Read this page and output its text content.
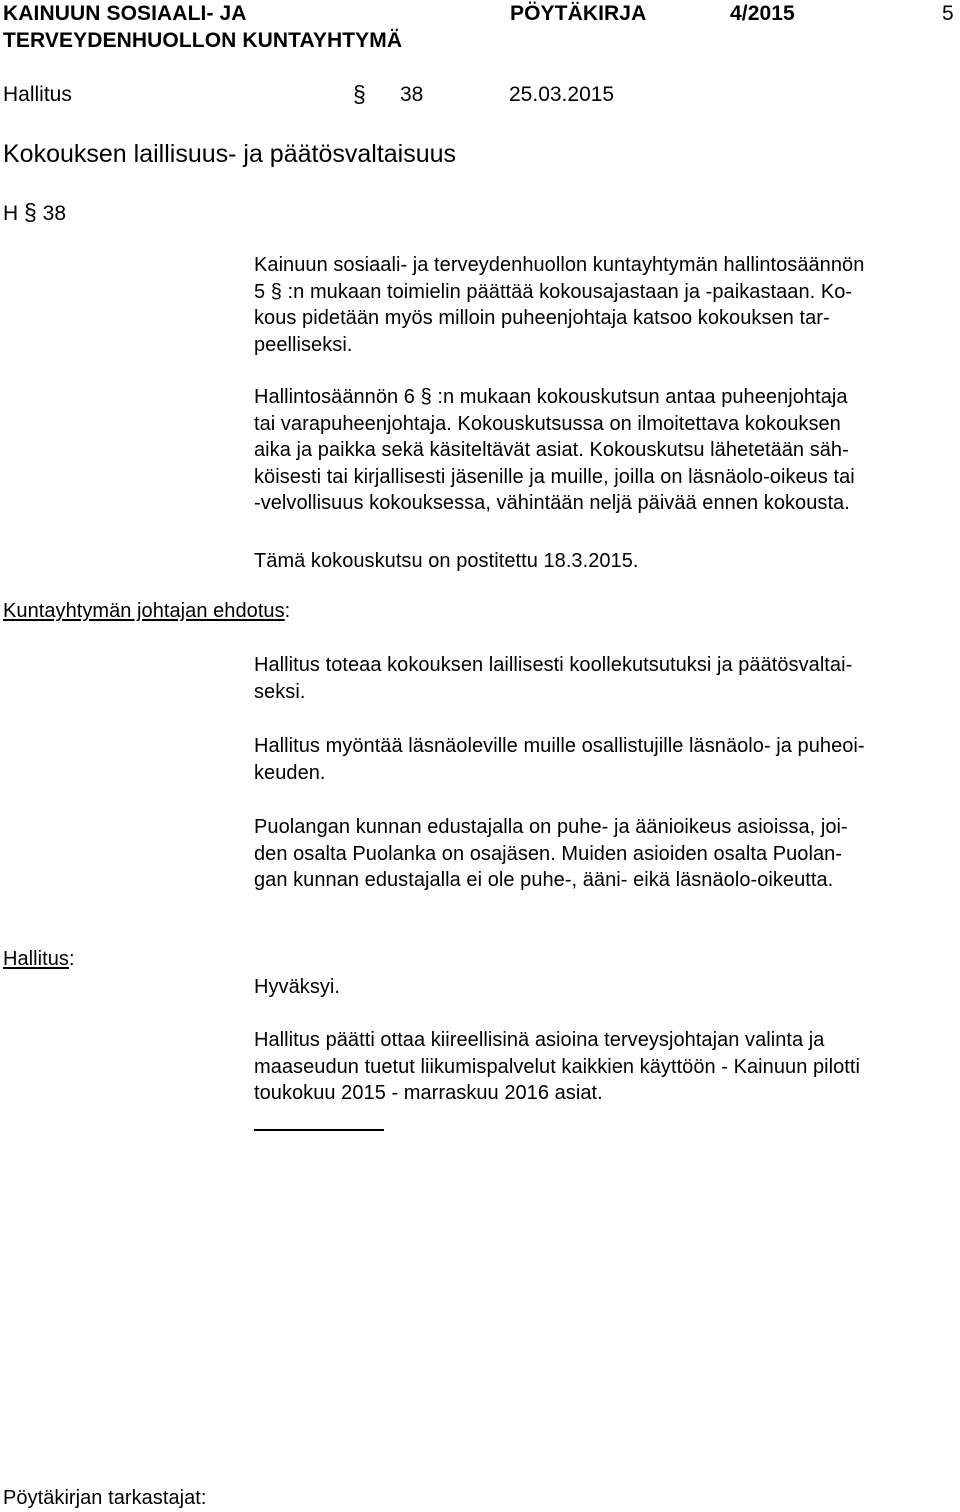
KAINUUN SOSIAALI- JA
TERVEYDENHUOLLON KUNTAYHTYMÄ
PÖYTÄKIRJA	4/2015	5
Hallitus	§ 38	25.03.2015
Kokouksen laillisuus- ja päätösvaltaisuus
H § 38
Kainuun sosiaali- ja terveydenhuollon kuntayhtymän hallintosäännön
5 § :n mukaan toimielin päättää kokousajastaan ja -paikastaan. Ko-
kous pidetään myös milloin puheenjohtaja katsoo kokouksen tar-
peelliseksi.
Hallintosäännön 6 § :n mukaan kokouskutsun antaa puheenjohtaja
tai varapuheenjohtaja. Kokouskutsussa on ilmoitettava kokouksen
aika ja paikka sekä käsiteltävät asiat. Kokouskutsu lähetetään säh-
köisesti tai kirjallisesti jäsenille ja muille, joilla on läsnäolo-oikeus tai
-velvollisuus kokouksessa, vähintään neljä päivää ennen kokousta.
Tämä kokouskutsu on postitettu 18.3.2015.
Kuntayhtymän johtajan ehdotus:
Hallitus toteaa kokouksen laillisesti koollekutsutuksi ja päätösvaltai-
seksi.
Hallitus myöntää läsnäoleville muille osallistujille läsnäolo- ja puheoi-
keuden.
Puolangan kunnan edustajalla on puhe- ja äänioikeus asioissa, joi-
den osalta Puolanka on osajäsen. Muiden asioiden osalta Puolan-
gan kunnan edustajalla ei ole puhe-, ääni- eikä läsnäolo-oikeutta.
Hallitus:
Hyväksyi.
Hallitus päätti ottaa kiireellisinä asioina terveysjohtajan valinta ja
maaseudun tuetut liikumispalvelut kaikkien käyttöön - Kainuun pilotti
toukokuu 2015 - marraskuu 2016 asiat.
Pöytäkirjan tarkastajat:
